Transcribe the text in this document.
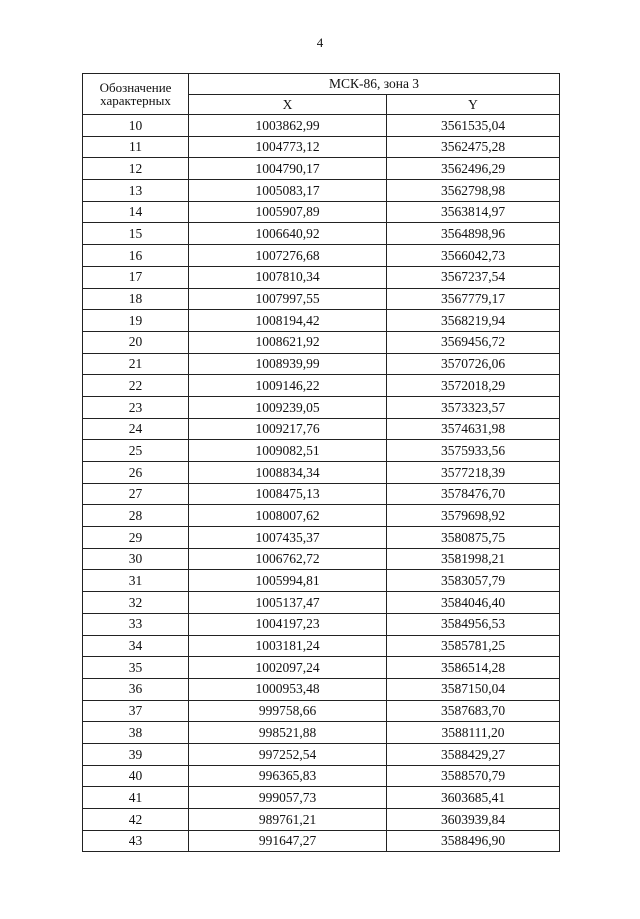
4
Обозначение
характерных	МСК-86, зона 3	
	X	Y
10	1003862,99	3561535,04
11	1004773,12	3562475,28
12	1004790,17	3562496,29
13	1005083,17	3562798,98
14	1005907,89	3563814,97
15	1006640,92	3564898,96
16	1007276,68	3566042,73
17	1007810,34	3567237,54
18	1007997,55	3567779,17
19	1008194,42	3568219,94
20	1008621,92	3569456,72
21	1008939,99	3570726,06
22	1009146,22	3572018,29
23	1009239,05	3573323,57
24	1009217,76	3574631,98
25	1009082,51	3575933,56
26	1008834,34	3577218,39
27	1008475,13	3578476,70
28	1008007,62	3579698,92
29	1007435,37	3580875,75
30	1006762,72	3581998,21
31	1005994,81	3583057,79
32	1005137,47	3584046,40
33	1004197,23	3584956,53
34	1003181,24	3585781,25
35	1002097,24	3586514,28
36	1000953,48	3587150,04
37	999758,66	3587683,70
38	998521,88	3588111,20
39	997252,54	3588429,27
40	996365,83	3588570,79
41	999057,73	3603685,41
42	989761,21	3603939,84
43	991647,27	3588496,90
